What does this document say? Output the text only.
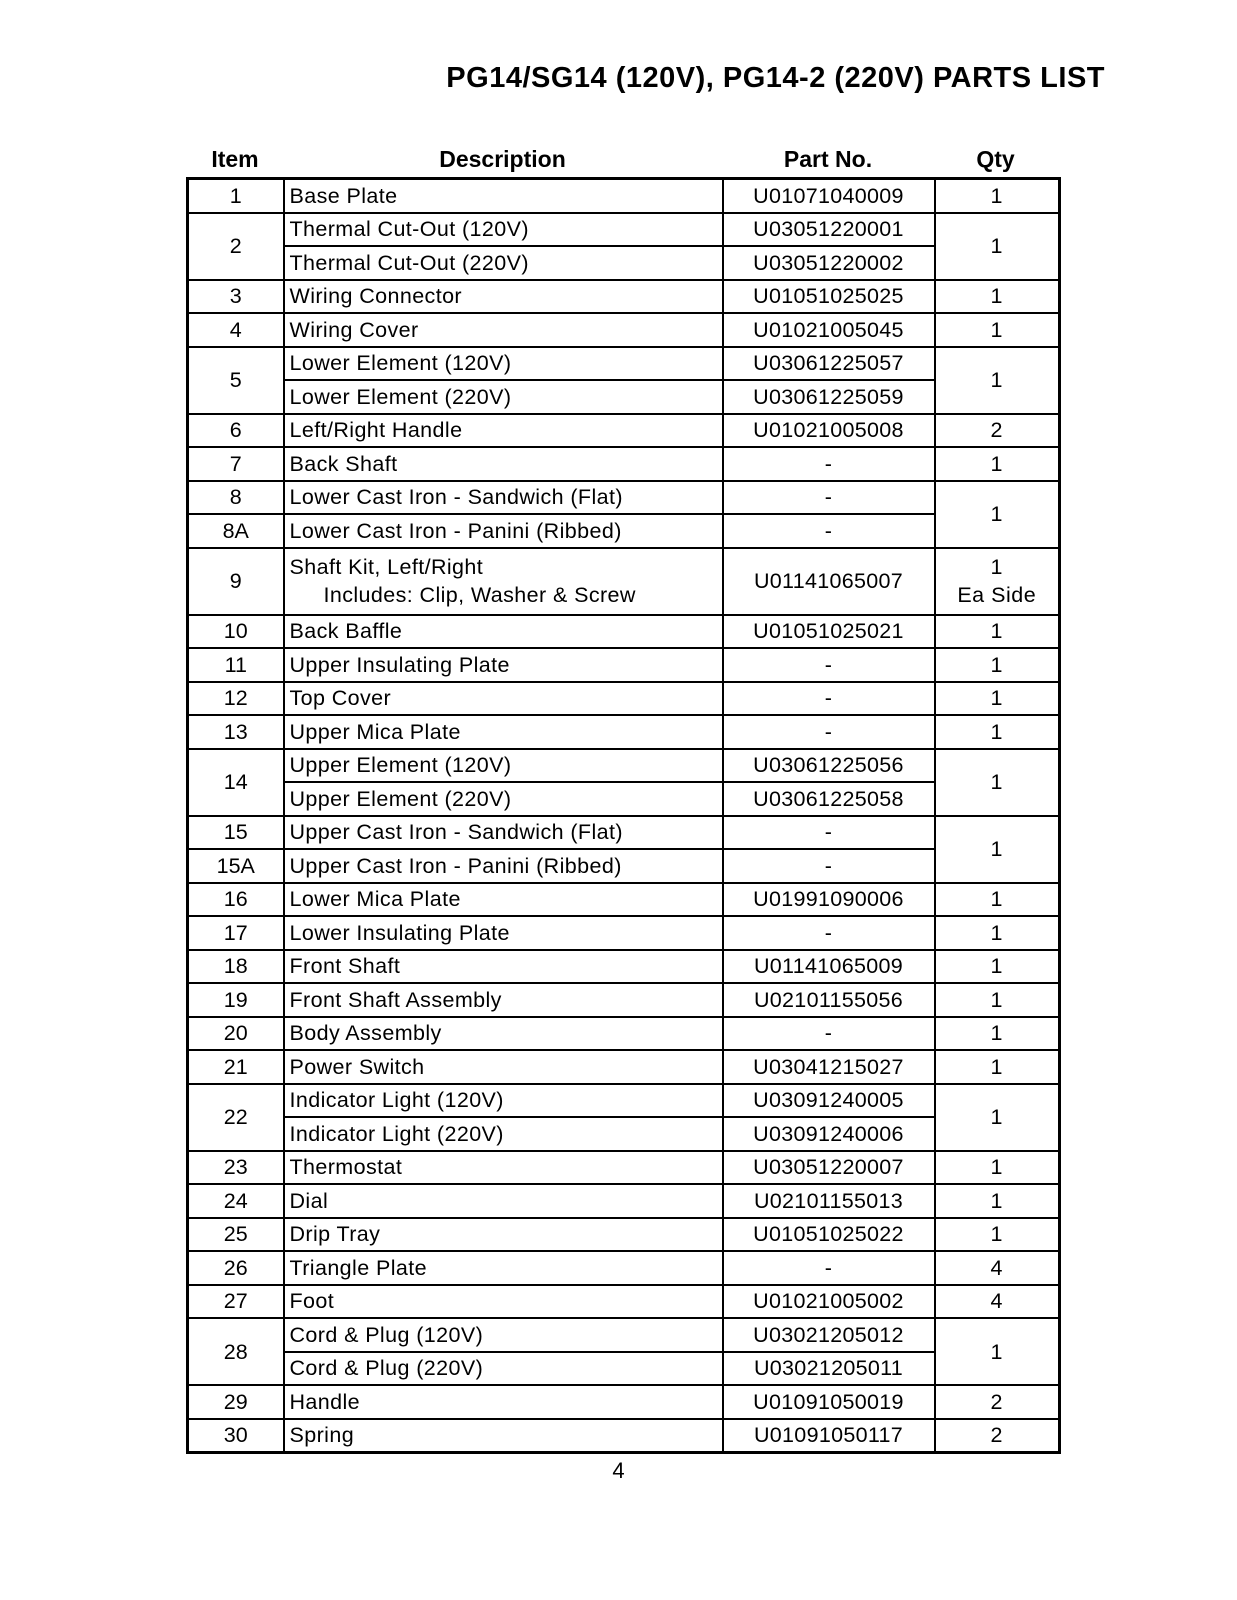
PG14/SG14 (120V), PG14-2 (220V) PARTS LIST
Item	Description	Part No.	Qty
1	Base Plate	U01071040009	1
2	Thermal Cut-Out (120V)	U03051220001	1
	Thermal Cut-Out (220V)	U03051220002	
3	Wiring Connector	U01051025025	1
4	Wiring Cover	U01021005045	1
5	Lower Element (120V)	U03061225057	1
	Lower Element (220V)	U03061225059	
6	Left/Right Handle	U01021005008	2
7	Back Shaft	-	1
8	Lower Cast Iron - Sandwich (Flat)	-	1
8A	Lower Cast Iron - Panini (Ribbed)	-	
9	Shaft Kit, Left/Right
Includes: Clip, Washer & Screw	U01141065007	1
Ea Side

10	Back Baffle	U01051025021	1
11	Upper Insulating Plate	-	1
12	Top Cover	-	1
13	Upper Mica Plate	-	1
14	Upper Element (120V)	U03061225056	1
	Upper Element (220V)	U03061225058	
15	Upper Cast Iron - Sandwich (Flat)	-	1
15A	Upper Cast Iron - Panini (Ribbed)	-	
16	Lower Mica Plate	U01991090006	1
17	Lower Insulating Plate	-	1
18	Front Shaft	U01141065009	1
19	Front Shaft Assembly	U02101155056	1
20	Body Assembly	-	1
21	Power Switch	U03041215027	1
22	Indicator Light (120V)	U03091240005	1
	Indicator Light (220V)	U03091240006	
23	Thermostat	U03051220007	1
24	Dial	U02101155013	1
25	Drip Tray	U01051025022	1
26	Triangle Plate	-	4
27	Foot	U01021005002	4
28	Cord & Plug (120V)	U03021205012	1
	Cord & Plug (220V)	U03021205011	
29	Handle	U01091050019	2
30	Spring	U01091050117	2
4
